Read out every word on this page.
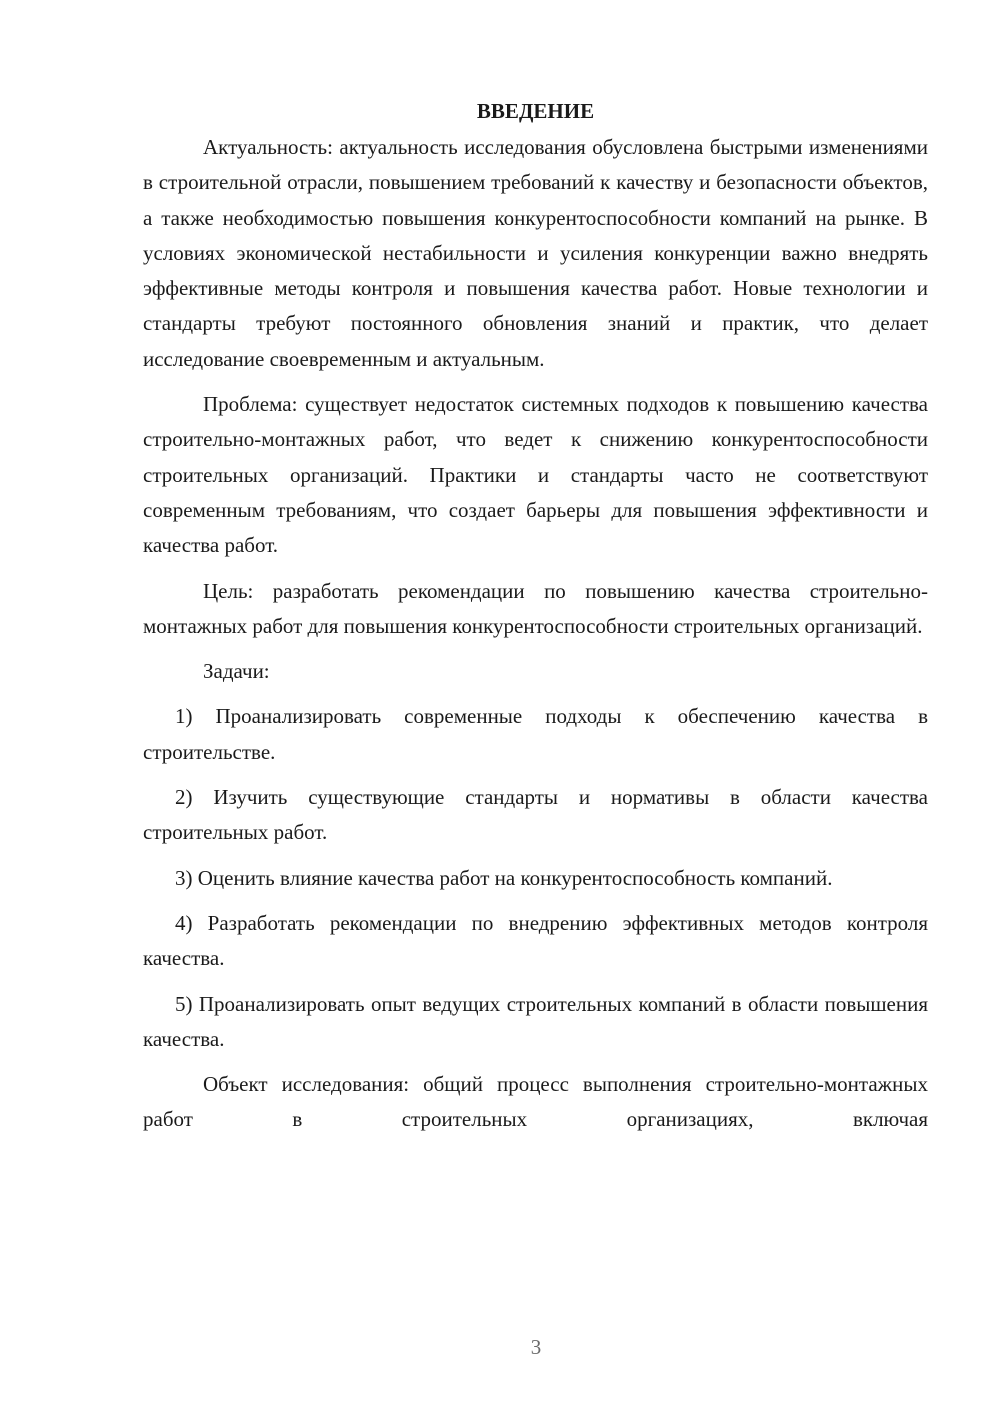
ВВЕДЕНИЕ

Актуальность: актуальность исследования обусловлена быстрыми изменениями в строительной отрасли, повышением требований к качеству и безопасности объектов, а также необходимостью повышения конкурентоспособности компаний на рынке. В условиях экономической нестабильности и усиления конкуренции важно внедрять эффективные методы контроля и повышения качества работ. Новые технологии и стандарты требуют постоянного обновления знаний и практик, что делает исследование своевременным и актуальным.

Проблема: существует недостаток системных подходов к повышению качества строительно-монтажных работ, что ведет к снижению конкурентоспособности строительных организаций. Практики и стандарты часто не соответствуют современным требованиям, что создает барьеры для повышения эффективности и качества работ.

Цель: разработать рекомендации по повышению качества строительно-монтажных работ для повышения конкурентоспособности строительных организаций.

Задачи:

1) Проанализировать современные подходы к обеспечению качества в строительстве.

2) Изучить существующие стандарты и нормативы в области качества строительных работ.

3) Оценить влияние качества работ на конкурентоспособность компаний.

4) Разработать рекомендации по внедрению эффективных методов контроля качества.

5) Проанализировать опыт ведущих строительных компаний в области повышения качества.

Объект исследования: общий процесс выполнения строительно-монтажных работ в строительных организациях, включая

3
